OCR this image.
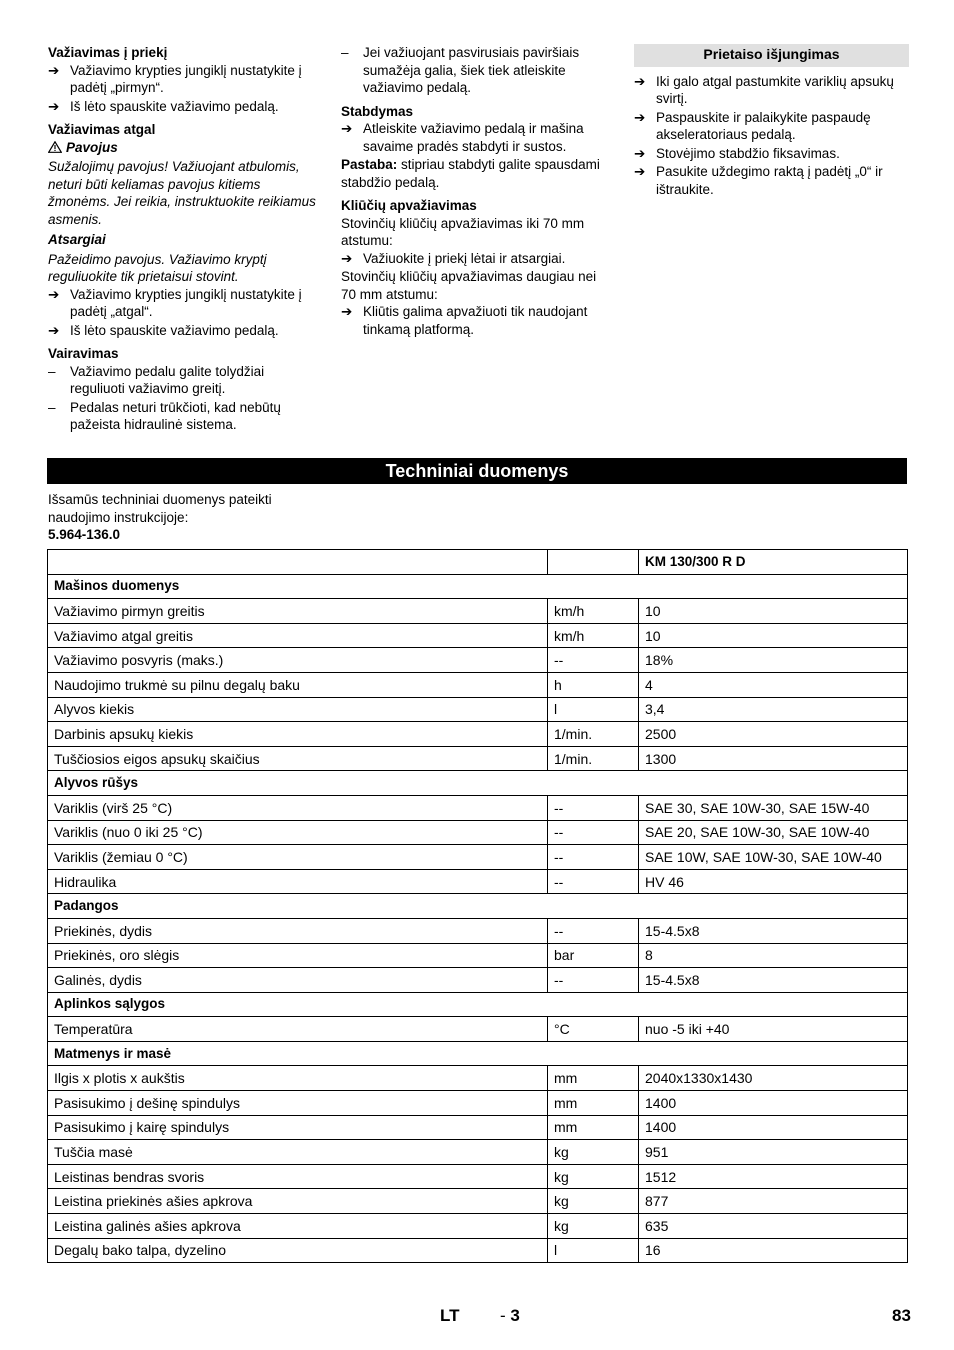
Važiavimas į priekį

➔ Važiavimo krypties jungiklį nustatykite į padėtį „pirmyn“.

➔ Iš lėto spauskite važiavimo pedalą.

Važiavimas atgal

Pavojus

Sužalojimų pavojus! Važiuojant atbulomis, neturi būti keliamas pavojus kitiems žmonėms. Jei reikia, instruktuokite reikiamus asmenis.

Atsargiai

Pažeidimo pavojus. Važiavimo kryptį reguliuokite tik prietaisui stovint.

➔ Važiavimo krypties jungiklį nustatykite į padėtį „atgal“.

➔ Iš lėto spauskite važiavimo pedalą.

Vairavimas

– Važiavimo pedalu galite tolydžiai reguliuoti važiavimo greitį.

– Pedalas neturi trūkčioti, kad nebūtų pažeista hidraulinė sistema.

– Jei važiuojant pasvirusiais paviršiais sumažėja galia, šiek tiek atleiskite važiavimo pedalą.

Stabdymas

➔ Atleiskite važiavimo pedalą ir mašina savaime pradės stabdyti ir sustos.

Pastaba: stipriau stabdyti galite spausdami stabdžio pedalą.

Kliūčių apvažiavimas

Stovinčių kliūčių apvažiavimas iki 70 mm atstumu:

➔ Važiuokite į priekį lėtai ir atsargiai.

Stovinčių kliūčių apvažiavimas daugiau nei 70 mm atstumu:

➔ Kliūtis galima apvažiuoti tik naudojant tinkamą platformą.

Prietaiso išjungimas

➔ Iki galo atgal pastumkite variklių apsukų svirtį.

➔ Paspauskite ir palaikykite paspaudę akseleratoriaus pedalą.

➔ Stovėjimo stabdžio fiksavimas.

➔ Pasukite uždegimo raktą į padėtį „0“ ir ištraukite.

Techniniai duomenys

Išsamūs techniniai duomenys pateikti naudojimo instrukcijoje:

5.964-136.0

		KM 130/300 R D
Mašinos duomenys		
Važiavimo pirmyn greitis	km/h	10
Važiavimo atgal greitis	km/h	10
Važiavimo posvyris (maks.)	--	18%
Naudojimo trukmė su pilnu degalų baku	h	4
Alyvos kiekis	l	3,4
Darbinis apsukų kiekis	1/min.	2500
Tuščiosios eigos apsukų skaičius	1/min.	1300
Alyvos rūšys		
Variklis (virš 25 °C)	--	SAE 30, SAE 10W-30, SAE 15W-40
Variklis (nuo 0 iki 25 °C)	--	SAE 20, SAE 10W-30, SAE 10W-40
Variklis (žemiau 0 °C)	--	SAE 10W, SAE 10W-30, SAE 10W-40
Hidraulika	--	HV 46
Padangos		
Priekinės, dydis	--	15-4.5x8
Priekinės, oro slėgis	bar	8
Galinės, dydis	--	15-4.5x8
Aplinkos sąlygos		
Temperatūra	°C	nuo -5 iki +40
Matmenys ir masė		
Ilgis x plotis x aukštis	mm	2040x1330x1430
Pasisukimo į dešinę spindulys	mm	1400
Pasisukimo į kairę spindulys	mm	1400
Tuščia masė	kg	951
Leistinas bendras svoris	kg	1512
Leistina priekinės ašies apkrova	kg	877
Leistina galinės ašies apkrova	kg	635
Degalų bako talpa, dyzelino	l	16
LT - 3	83
